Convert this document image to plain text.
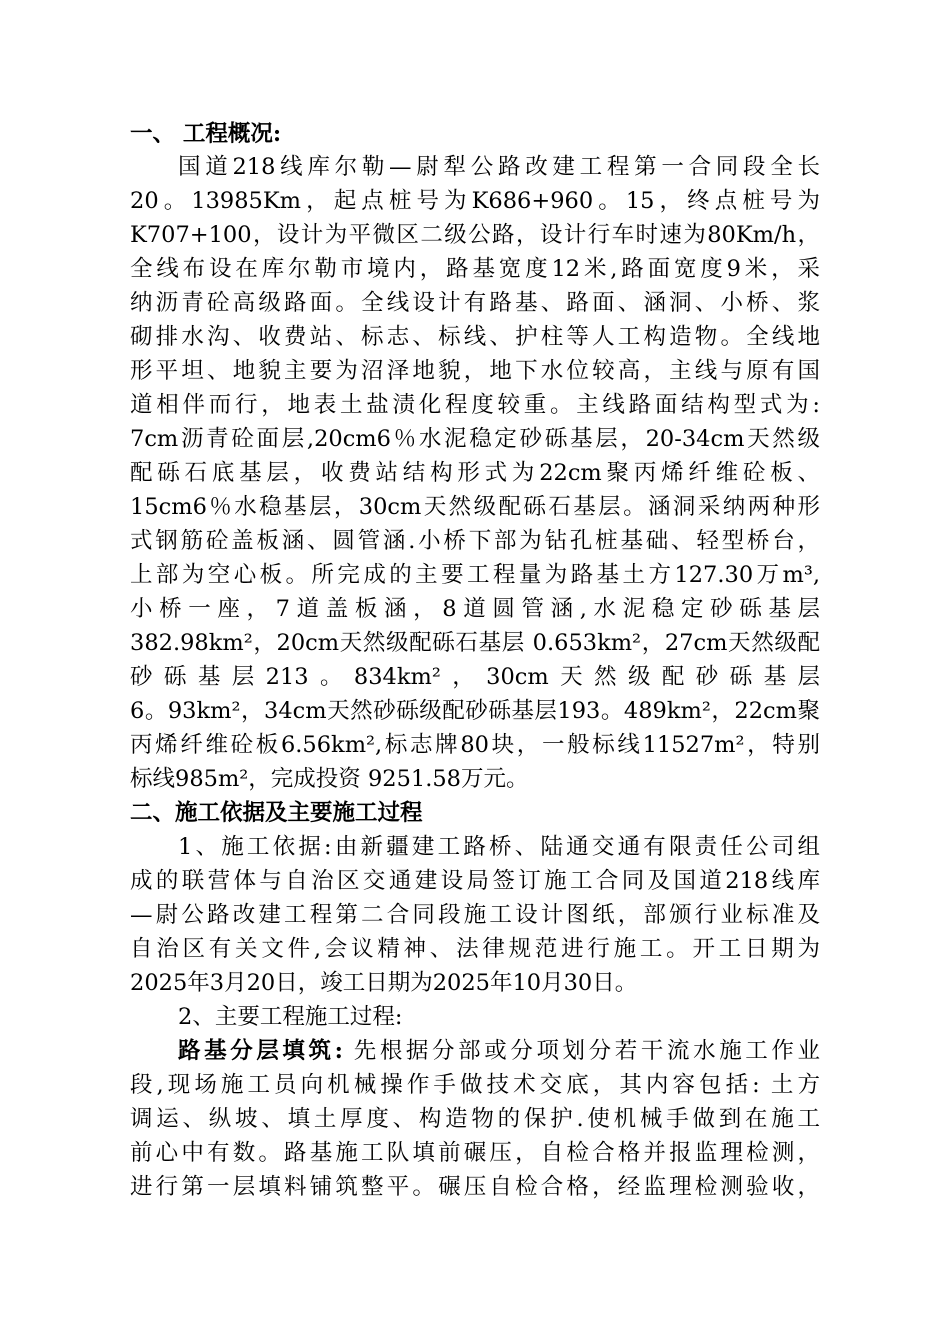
一、 工程概况:
国道218线库尔勒—尉犁公路改建工程第一合同段全长
20。13985Km，起点桩号为K686+960。15，终点桩号为
K707+100，设计为平微区二级公路，设计行车时速为80Km/h，
全线布设在库尔勒市境内，路基宽度12米,路面宽度9米，采
纳沥青砼高级路面。全线设计有路基、路面、涵洞、小桥、浆
砌排水沟、收费站、标志、标线、护柱等人工构造物。全线地
形平坦、地貌主要为沼泽地貌，地下水位较高，主线与原有国
道相伴而行，地表土盐渍化程度较重。主线路面结构型式为:
7cm沥青砼面层,20cm6％水泥稳定砂砾基层，20-34cm天然级
配砾石底基层，收费站结构形式为22cm聚丙烯纤维砼板、
15cm6％水稳基层，30cm天然级配砾石基层。涵洞采纳两种形
式钢筋砼盖板涵、圆管涵.小桥下部为钻孔桩基础、轻型桥台，
上部为空心板。所完成的主要工程量为路基土方127.30万m³,
小桥一座，7道盖板涵，8道圆管涵,水泥稳定砂砾基层
382.98km²，20cm天然级配砾石基层 0.653km²，27cm天然级配
砂砾基层213。834km²，30cm天然级配砂砾基层
6。93km²，34cm天然砂砾级配砂砾基层193。489km²，22cm聚
丙烯纤维砼板6.56km²,标志牌80块，一般标线11527m²，特别
标线985m²，完成投资 9251.58万元。
二、施工依据及主要施工过程
1、施工依据:由新疆建工路桥、陆通交通有限责任公司组
成的联营体与自治区交通建设局签订施工合同及国道218线库
—尉公路改建工程第二合同段施工设计图纸，部颁行业标准及
自治区有关文件,会议精神、法律规范进行施工。开工日期为
2025年3月20日，竣工日期为2025年10月30日。
2、主要工程施工过程:
路基分层填筑: 先根据分部或分项划分若干流水施工作业
段,现场施工员向机械操作手做技术交底，其内容包括: 土方
调运、纵坡、填土厚度、构造物的保护.使机械手做到在施工
前心中有数。路基施工队填前碾压，自检合格并报监理检测，
进行第一层填料铺筑整平。碾压自检合格，经监理检测验收，
